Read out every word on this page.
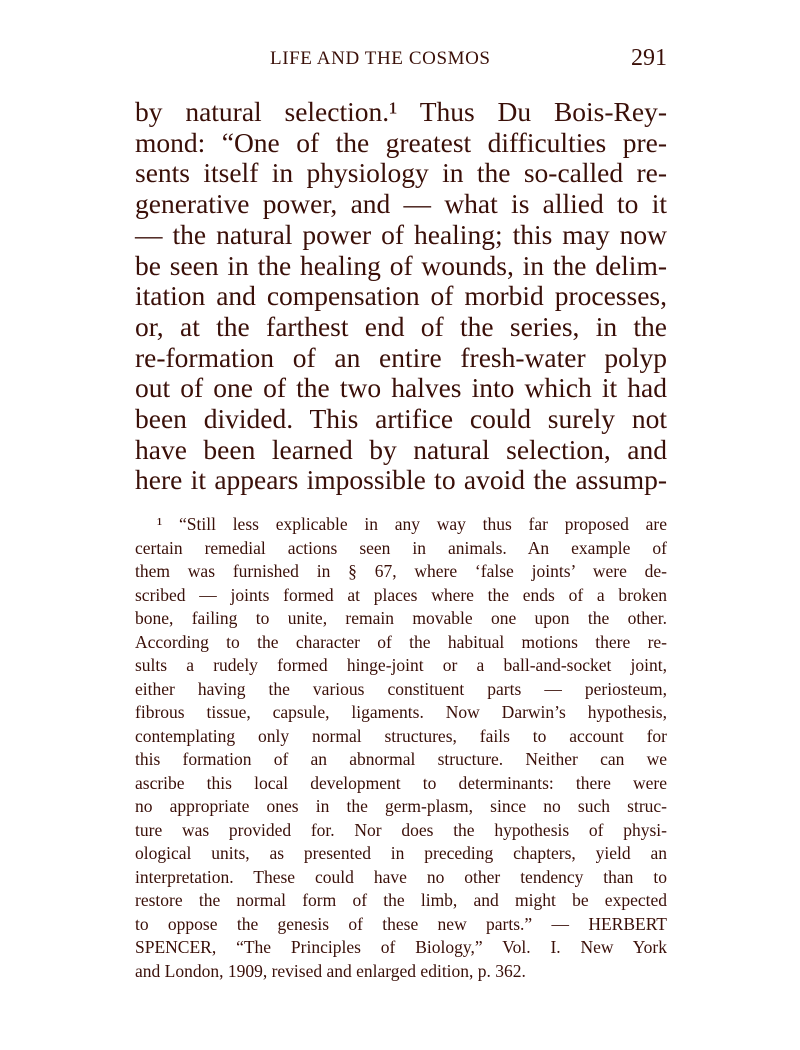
LIFE AND THE COSMOS	291
by natural selection.¹ Thus Du Bois-Rey-
mond: “One of the greatest difficulties pre-
sents itself in physiology in the so-called re-
generative power, and — what is allied to it
— the natural power of healing; this may now
be seen in the healing of wounds, in the delim-
itation and compensation of morbid processes,
or, at the farthest end of the series, in the
re-formation of an entire fresh-water polyp
out of one of the two halves into which it had
been divided. This artifice could surely not
have been learned by natural selection, and
here it appears impossible to avoid the assump-
¹ “Still less explicable in any way thus far proposed are
certain remedial actions seen in animals. An example of
them was furnished in § 67, where ‘false joints’ were de-
scribed — joints formed at places where the ends of a broken
bone, failing to unite, remain movable one upon the other.
According to the character of the habitual motions there re-
sults a rudely formed hinge-joint or a ball-and-socket joint,
either having the various constituent parts — periosteum,
fibrous tissue, capsule, ligaments. Now Darwin’s hypothesis,
contemplating only normal structures, fails to account for
this formation of an abnormal structure. Neither can we
ascribe this local development to determinants: there were
no appropriate ones in the germ-plasm, since no such struc-
ture was provided for. Nor does the hypothesis of physi-
ological units, as presented in preceding chapters, yield an
interpretation. These could have no other tendency than to
restore the normal form of the limb, and might be expected
to oppose the genesis of these new parts.” — HERBERT
SPENCER, “The Principles of Biology,” Vol. I. New York
and London, 1909, revised and enlarged edition, p. 362.
